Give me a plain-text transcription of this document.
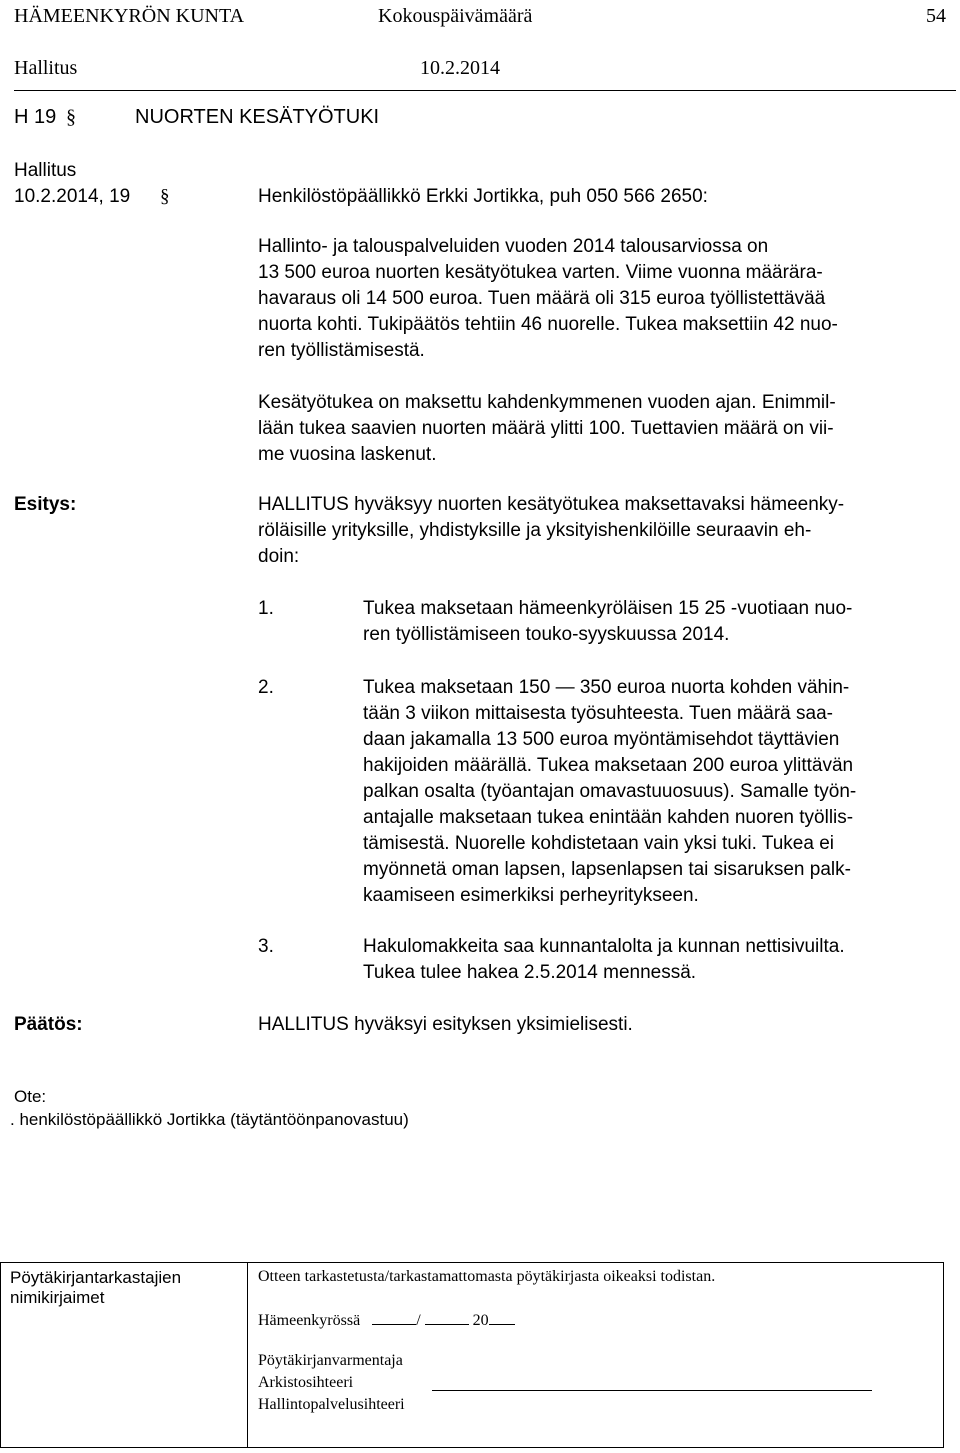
HÄMEENKYRÖN KUNTA	Kokouspäivämäärä	54
Hallitus	10.2.2014
H 19 §	NUORTEN KESÄTYÖTUKI
Hallitus
10.2.2014, 19 §	Henkilöstöpäällikkö Erkki Jortikka, puh 050 566 2650:
Hallinto- ja talouspalveluiden vuoden 2014 talousarviossa on
13 500 euroa nuorten kesätyötukea varten. Viime vuonna määrära-
havaraus oli 14 500 euroa. Tuen määrä oli 315 euroa työllistettävää
nuorta kohti. Tukipäätös tehtiin 46 nuorelle. Tukea maksettiin 42 nuo-
ren työllistämisestä.
Kesätyötukea on maksettu kahdenkymmenen vuoden ajan. Enimmil-
lään tukea saavien nuorten määrä ylitti 100. Tuettavien määrä on vii-
me vuosina laskenut.
Esitys:	HALLITUS hyväksyy nuorten kesätyötukea maksettavaksi hämeenky-
röläisille yrityksille, yhdistyksille ja yksityishenkilöille seuraavin eh-
doin:
1.	Tukea maksetaan hämeenkyröläisen 15 25 -vuotiaan nuo-
ren työllistämiseen touko-syyskuussa 2014.
2.	Tukea maksetaan 150 — 350 euroa nuorta kohden vähin-
tään 3 viikon mittaisesta työsuhteesta. Tuen määrä saa-
daan jakamalla 13 500 euroa myöntämisehdot täyttävien
hakijoiden määrällä. Tukea maksetaan 200 euroa ylittävän
palkan osalta (työantajan omavastuuosuus). Samalle työn-
antajalle maksetaan tukea enintään kahden nuoren työllis-
tämisestä. Nuorelle kohdistetaan vain yksi tuki. Tukea ei
myönnetä oman lapsen, lapsenlapsen tai sisaruksen palk-
kaamiseen esimerkiksi perheyritykseen.
3.	Hakulomakkeita saa kunnantalolta ja kunnan nettisivuilta.
Tukea tulee hakea 2.5.2014 mennessä.
Päätös:	HALLITUS hyväksyi esityksen yksimielisesti.
Ote:
. henkilöstöpäällikkö Jortikka (täytäntöönpanovastuu)
Pöytäkirjantarkastajien
nimikirjaimet
Otteen tarkastetusta/tarkastamattomasta pöytäkirjasta oikeaksi todistan.
Hämeenkyrössä	/	20
Pöytäkirjanvarmentaja
Arkistosihteeri
Hallintopalvelusihteeri
